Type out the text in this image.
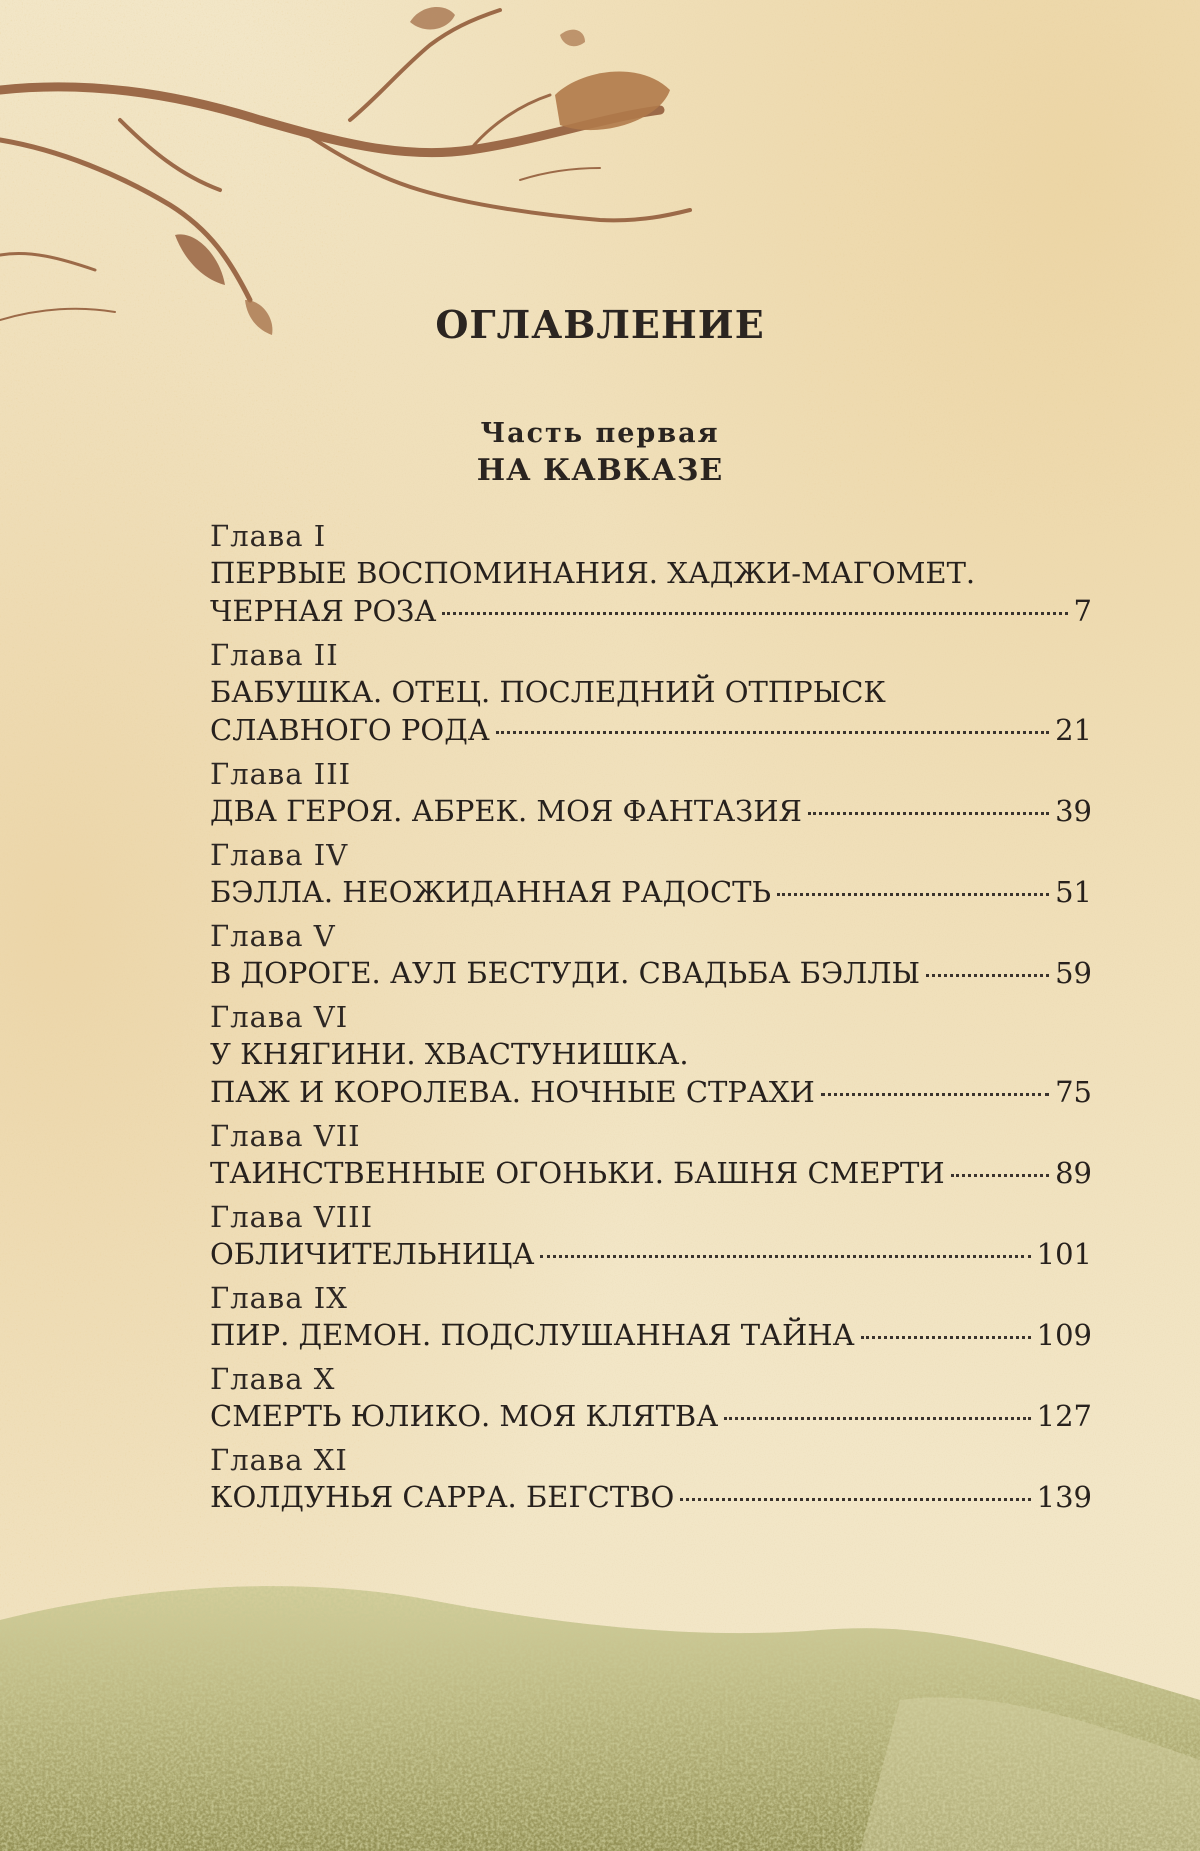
ОГЛАВЛЕНИЕ
Часть первая
НА КАВКАЗЕ
Глава I
ПЕРВЫЕ ВОСПОМИНАНИЯ. ХАДЖИ-МАГОМЕТ.
ЧЕРНАЯ РОЗА	7
Глава II
БАБУШКА. ОТЕЦ. ПОСЛЕДНИЙ ОТПРЫСК
СЛАВНОГО РОДА	21
Глава III
ДВА ГЕРОЯ. АБРЕК. МОЯ ФАНТАЗИЯ	39
Глава IV
БЭЛЛА. НЕОЖИДАННАЯ РАДОСТЬ	51
Глава V
В ДОРОГЕ. АУЛ БЕСТУДИ. СВАДЬБА БЭЛЛЫ	59
Глава VI
У КНЯГИНИ. ХВАСТУНИШКА.
ПАЖ И КОРОЛЕВА. НОЧНЫЕ СТРАХИ	75
Глава VII
ТАИНСТВЕННЫЕ ОГОНЬКИ. БАШНЯ СМЕРТИ	89
Глава VIII
ОБЛИЧИТЕЛЬНИЦА	101
Глава IX
ПИР. ДЕМОН. ПОДСЛУШАННАЯ ТАЙНА	109
Глава X
СМЕРТЬ ЮЛИКО. МОЯ КЛЯТВА	127
Глава XI
КОЛДУНЬЯ САРРА. БЕГСТВО	139
